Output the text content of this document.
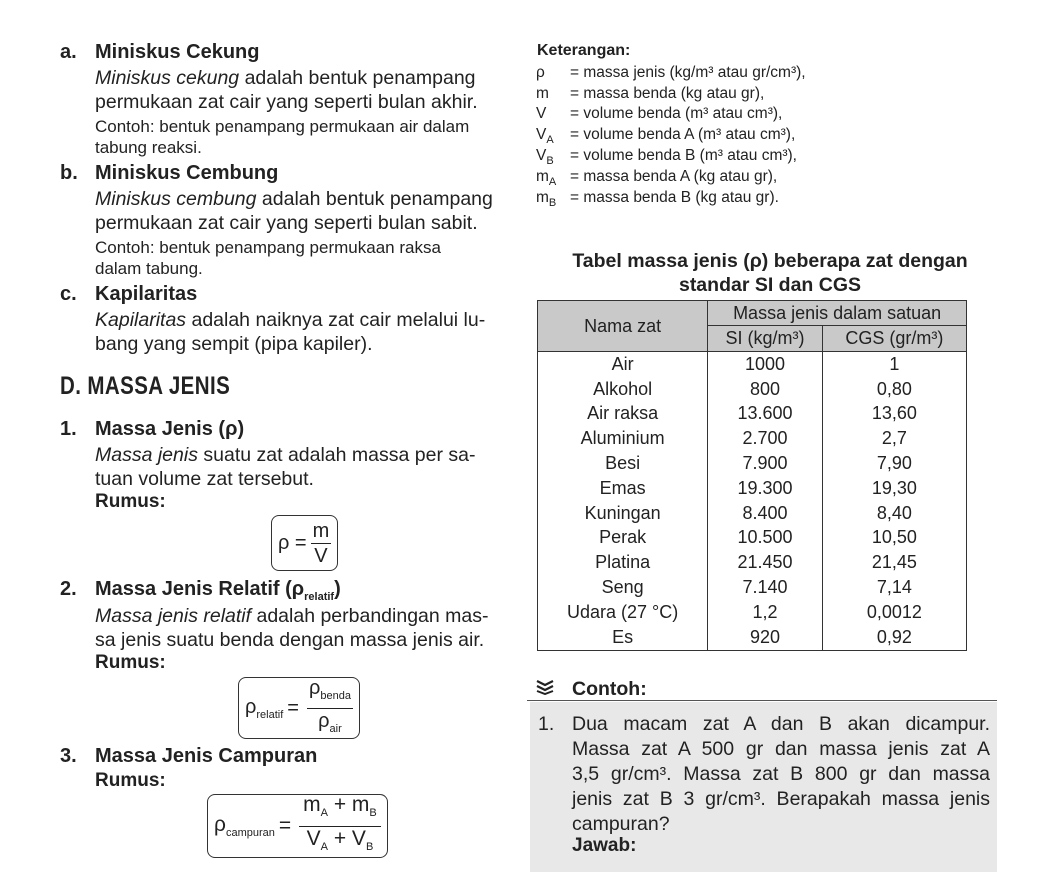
a. Miniskus Cekung
Miniskus cekung adalah bentuk penampang
permukaan zat cair yang seperti bulan akhir.
Contoh: bentuk penampang permukaan air dalam
tabung reaksi.
b. Miniskus Cembung
Miniskus cembung adalah bentuk penampang
permukaan zat cair yang seperti bulan sabit.
Contoh: bentuk penampang permukaan raksa
dalam tabung.
c. Kapilaritas
Kapilaritas adalah naiknya zat cair melalui lu-
bang yang sempit (pipa kapiler).
D. MASSA JENIS
1. Massa Jenis (ρ)
Massa jenis suatu zat adalah massa per sa-
tuan volume zat tersebut.
Rumus:
$\rho = \frac{m}{V}$
2. Massa Jenis Relatif $(\rho_{relatif})$
Massa jenis relatif adalah perbandingan mas-
sa jenis suatu benda dengan massa jenis air.
Rumus:
$\rho_{relatif} = \frac{\rho_{benda}}{\rho_{air}}$
3. Massa Jenis Campuran
Rumus:
$\rho_{campuran} = \frac{m_A + m_B}{V_A + V_B}$
Keterangan:
ρ = massa jenis (kg/m³ atau gr/cm³),
m = massa benda (kg atau gr),
V = volume benda (m³ atau cm³),
$V_A$ = volume benda A (m³ atau cm³),
$V_B$ = volume benda B (m³ atau cm³),
$m_A$ = massa benda A (kg atau gr),
$m_B$ = massa benda B (kg atau gr).
Tabel massa jenis (ρ) beberapa zat dengan
standar SI dan CGS
Nama zat	Massa jenis dalam satuan	
	SI (kg/m³)	CGS (gr/m³)
Air	1000	1
Alkohol	800	0,80
Air raksa	13.600	13,60
Aluminium	2.700	2,7
Besi	7.900	7,90
Emas	19.300	19,30
Kuningan	8.400	8,40
Perak	10.500	10,50
Platina	21.450	21,45
Seng	7.140	7,14
Udara (27 °C)	1,2	0,0012
Es	920	0,92
Contoh:
1. Dua macam zat A dan B akan dicampur.
Massa zat A 500 gr dan massa jenis zat A
3,5 gr/cm³. Massa zat B 800 gr dan massa
jenis zat B 3 gr/cm³. Berapakah massa jenis
campuran?
Jawab:
